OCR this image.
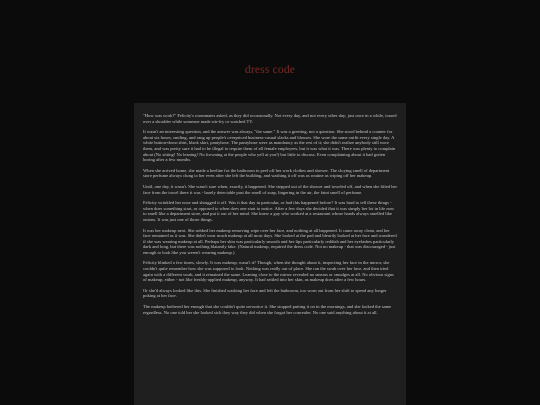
dress code

"How was work?" Felicity's roommates asked, as they did occasionally. Not every day, and not every other day; just once in a while, tossed over a shoulder while someone made stir-fry or watched TV.

It wasn't an interesting question, and the answer was always, "the same." It was a greeting, not a question. She stood behind a counter for about six hours, smiling, and rang up people's overpriced business-casual slacks and blouses. She wore the same outfit every single day. A white button-down shirt, black skirt, pantyhose. The pantyhose were as mandatory as the rest of it; she didn't realize anybody still wore them, and was pretty sure it had to be illegal to require them of all female employees, but it was what it was. There was plenty to complain about (No sitting! No leaning! No frowning at the people who yell at you!) but little to discuss. Even complaining about it had gotten boring after a few months.

When she arrived home, she made a beeline for the bathroom to peel off her work clothes and shower. The cloying smell of department store perfume always clung to her even after she left the building, and washing it off was as routine as wiping off her makeup.

Until, one day, it wasn't. She wasn't sure when, exactly, it happened. She stepped out of the shower and toweled off, and when she lifted her face from the towel there it was - barely detectable past the smell of soap, lingering in the air, the faint smell of perfume.

Felicity wrinkled her nose and shrugged it off. Was it that day in particular, or had this happened before? It was hard to tell these things - when does something start, as opposed to when does one start to notice. After a few days she decided that it was simply her lot in life now to smell like a department store, and put it out of her mind. She knew a guy who worked at a restaurant whose hands always smelled like onions. It was just one of those things.

It was her makeup next. She rubbed her makeup removing wipe over her face, and nothing at all happened. It came away clean, and her face remained as it was. She didn't wear much makeup at all most days. She looked at the pad and blearily looked at her face and wondered if she was wearing makeup at all. Perhaps her skin was particularly smooth and her lips particularly reddish and her eyelashes particularly dark and long, but there was nothing blatantly fake. (Natural makeup, required the dress code. Not no makeup - that was discouraged - just enough to look like you weren't wearing makeup.)

Felicity blinked a few times, slowly. It was makeup, wasn't it? Though, when she thought about it, inspecting her face in the mirror, she couldn't quite remember how she was supposed to look. Nothing was really out of place. She ran the swab over her face, and then tried again with a different swab, and it remained the same. Leaning close to the mirror revealed no smears or smudges at all. No obvious signs of makeup, either - not like freshly-applied makeup, anyway. It had settled into her skin, as makeup does after a few hours.

Or she'd always looked like this. She finished washing her face and left the bathroom, too worn out from her shift to spend any longer poking at her face.

The makeup bothered her enough that she couldn't quite un-notice it. She stopped putting it on in the mornings, and she looked the same regardless. No one told her she looked sick they way they did when she forgot her concealer. No one said anything about it at all.
